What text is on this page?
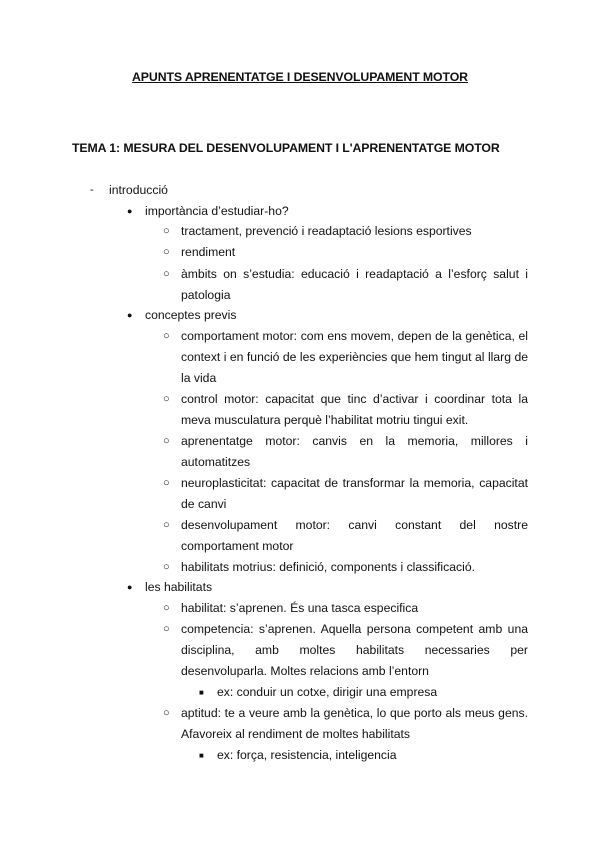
APUNTS APRENENTATGE I DESENVOLUPAMENT MOTOR
TEMA 1: MESURA DEL DESENVOLUPAMENT I L'APRENENTATGE MOTOR
- introducció
● importància d’estudiar-ho?
○ tractament, prevenció i readaptació lesions esportives
○ rendiment
○ àmbits on s’estudia: educació i readaptació a l’esforç salut i
patologia
● conceptes previs
○ comportament motor: com ens movem, depen de la genètica, el
context i en funció de les experiències que hem tingut al llarg de
la vida
○ control motor: capacitat que tinc d’activar i coordinar tota la
meva musculatura perquè l’habilitat motriu tingui exit.
○ aprenentatge motor: canvis en la memoria, millores i
automatitzes
○ neuroplasticitat: capacitat de transformar la memoria, capacitat
de canvi
○ desenvolupament motor: canvi constant del nostre
comportament motor
○ habilitats motrius: definició, components i classificació.
● les habilitats
○ habilitat: s’aprenen. És una tasca especifica
○ competencia: s’aprenen. Aquella persona competent amb una
disciplina, amb moltes habilitats necessaries per
desenvoluparla. Moltes relacions amb l’entorn
■ ex: conduir un cotxe, dirigir una empresa
○ aptitud: te a veure amb la genètica, lo que porto als meus gens.
Afavoreix al rendiment de moltes habilitats
■ ex: força, resistencia, inteligencia
